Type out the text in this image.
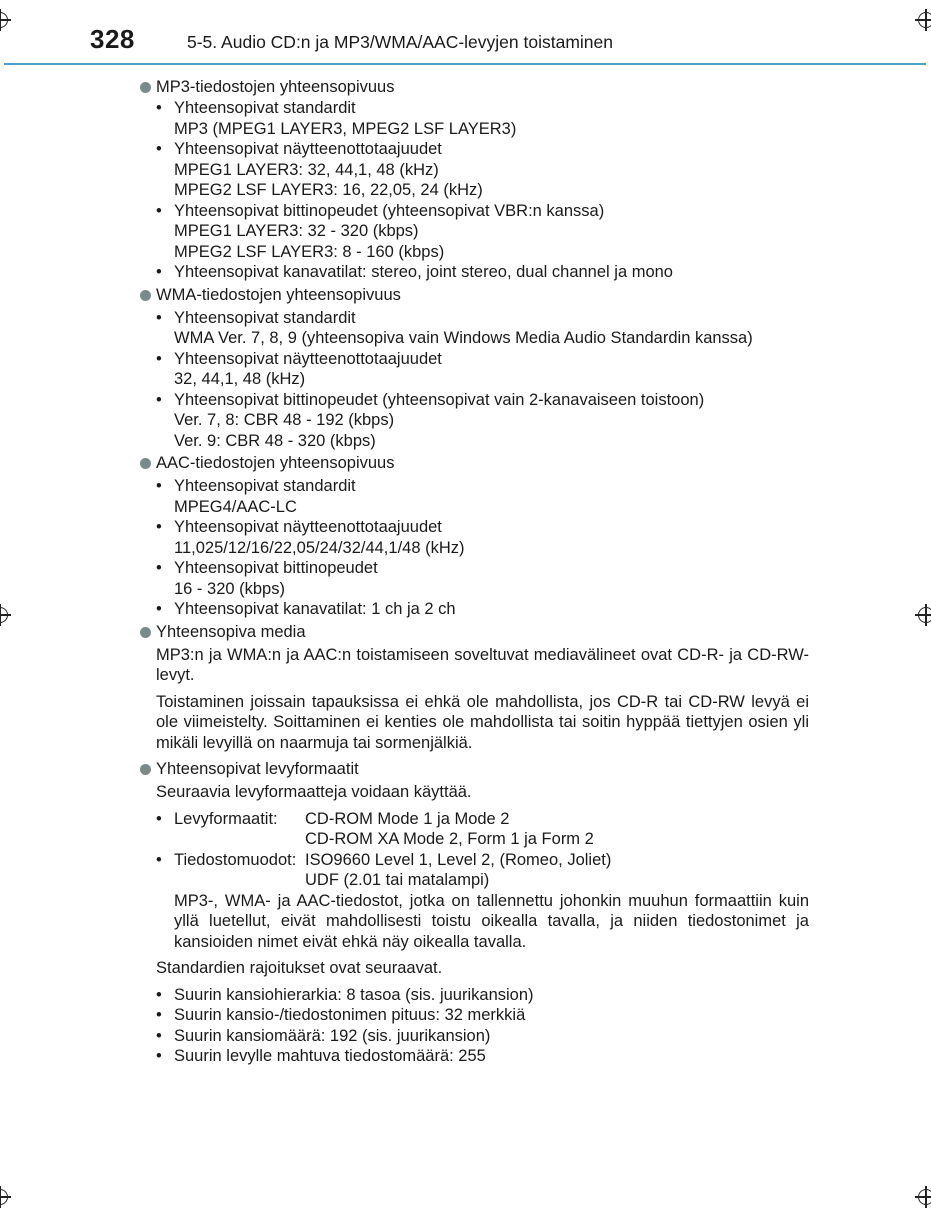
328	5-5. Audio CD:n ja MP3/WMA/AAC-levyjen toistaminen
MP3-tiedostojen yhteensopivuus
• Yhteensopivat standardit
MP3 (MPEG1 LAYER3, MPEG2 LSF LAYER3)
• Yhteensopivat näytteenottotaajuudet
MPEG1 LAYER3: 32, 44,1, 48 (kHz)
MPEG2 LSF LAYER3: 16, 22,05, 24 (kHz)
• Yhteensopivat bittinopeudet (yhteensopivat VBR:n kanssa)
MPEG1 LAYER3: 32 - 320 (kbps)
MPEG2 LSF LAYER3: 8 - 160 (kbps)
• Yhteensopivat kanavatilat: stereo, joint stereo, dual channel ja mono
WMA-tiedostojen yhteensopivuus
• Yhteensopivat standardit
WMA Ver. 7, 8, 9 (yhteensopiva vain Windows Media Audio Standardin kanssa)
• Yhteensopivat näytteenottotaajuudet
32, 44,1, 48 (kHz)
• Yhteensopivat bittinopeudet (yhteensopivat vain 2-kanavaiseen toistoon)
Ver. 7, 8: CBR 48 - 192 (kbps)
Ver. 9: CBR 48 - 320 (kbps)
AAC-tiedostojen yhteensopivuus
• Yhteensopivat standardit
MPEG4/AAC-LC
• Yhteensopivat näytteenottotaajuudet
11,025/12/16/22,05/24/32/44,1/48 (kHz)
• Yhteensopivat bittinopeudet
16 - 320 (kbps)
• Yhteensopivat kanavatilat: 1 ch ja 2 ch
Yhteensopiva media
MP3:n ja WMA:n ja AAC:n toistamiseen soveltuvat mediavälineet ovat CD-R- ja CD-RW-levyt.
Toistaminen joissain tapauksissa ei ehkä ole mahdollista, jos CD-R tai CD-RW levyä ei ole viimeistelty. Soittaminen ei kenties ole mahdollista tai soitin hyppää tiettyjen osien yli mikäli levyillä on naarmuja tai sormenjälkiä.
Yhteensopivat levyformaatit
Seuraavia levyformaatteja voidaan käyttää.
• Levyformaatit:	CD-ROM Mode 1 ja Mode 2
CD-ROM XA Mode 2, Form 1 ja Form 2
• Tiedostomuodot: ISO9660 Level 1, Level 2, (Romeo, Joliet)
UDF (2.01 tai matalampi)
MP3-, WMA- ja AAC-tiedostot, jotka on tallennettu johonkin muuhun formaattiin kuin yllä luetellut, eivät mahdollisesti toistu oikealla tavalla, ja niiden tiedostonimet ja kansioiden nimet eivät ehkä näy oikealla tavalla.
Standardien rajoitukset ovat seuraavat.
• Suurin kansiohierarkia: 8 tasoa (sis. juurikansion)
• Suurin kansio-/tiedostonimen pituus: 32 merkkiä
• Suurin kansiomäärä: 192 (sis. juurikansion)
• Suurin levylle mahtuva tiedostomäärä: 255
